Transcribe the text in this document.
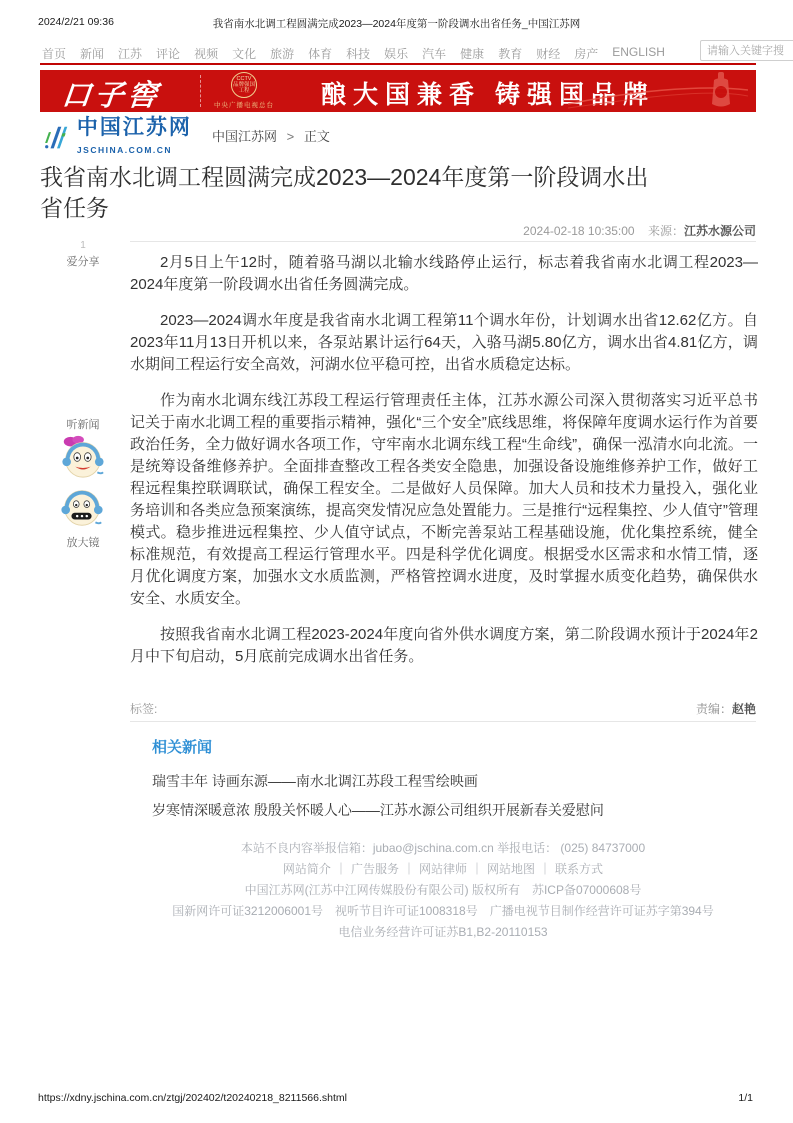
2024/2/21 09:36	我省南水北调工程圆满完成2023—2024年度第一阶段调水出省任务_中国江苏网
首页 新闻 江苏 评论 视频 文化 旅游 体育 科技 娱乐 汽车 健康 教育 财经 房产 ENGLISH
请输入关键字搜
口子窖	CCTV
品牌强国工程
中央广播电视总台	酿大国兼香 铸强国品牌
中国江苏网 JSCHINA.COM.CN
中国江苏网 > 正文
我省南水北调工程圆满完成2023—2024年度第一阶段调水出省任务
2024-02-18 10:35:00 来源：江苏水源公司
1
爱分享
听新闻
放大镜

2月5日上午12时，随着骆马湖以北输水线路停止运行，标志着我省南水北调工程2023—2024年度第一阶段调水出省任务圆满完成。

2023—2024调水年度是我省南水北调工程第11个调水年份，计划调水出省12.62亿方。自2023年11月13日开机以来，各泵站累计运行64天，入骆马湖5.80亿方，调水出省4.81亿方，调水期间工程运行安全高效，河湖水位平稳可控，出省水质稳定达标。

作为南水北调东线江苏段工程运行管理责任主体，江苏水源公司深入贯彻落实习近平总书记关于南水北调工程的重要指示精神，强化“三个安全”底线思维，将保障年度调水运行作为首要政治任务，全力做好调水各项工作，守牢南水北调东线工程“生命线”，确保一泓清水向北流。一是统筹设备维修养护。全面排查整改工程各类安全隐患，加强设备设施维修养护工作，做好工程远程集控联调联试，确保工程安全。二是做好人员保障。加大人员和技术力量投入，强化业务培训和各类应急预案演练，提高突发情况应急处置能力。三是推行“远程集控、少人值守”管理模式。稳步推进远程集控、少人值守试点，不断完善泵站工程基础设施，优化集控系统，健全标准规范，有效提高工程运行管理水平。四是科学优化调度。根据受水区需求和水情工情，逐月优化调度方案，加强水文水质监测，严格管控调水进度，及时掌握水质变化趋势，确保供水安全、水质安全。

按照我省南水北调工程2023-2024年度向省外供水调度方案，第二阶段调水预计于2024年2月中下旬启动，5月底前完成调水出省任务。

标签:	责编：赵艳
相关新闻
瑞雪丰年 诗画东源——南水北调江苏段工程雪绘映画
岁寒情深暖意浓 殷殷关怀暖人心——江苏水源公司组织开展新春关爱慰问
本站不良内容举报信箱：jubao@jschina.com.cn 举报电话： (025) 84737000
网站简介 ｜ 广告服务 ｜ 网站律师 ｜ 网站地图 ｜ 联系方式
中国江苏网(江苏中江网传媒股份有限公司) 版权所有　苏ICP备07000608号
国新网许可证3212006001号　视听节目许可证1008318号　广播电视节目制作经营许可证苏字第394号
电信业务经营许可证苏B1,B2-20110153
https://xdny.jschina.com.cn/ztgj/202402/t20240218_8211566.shtml	1/1
